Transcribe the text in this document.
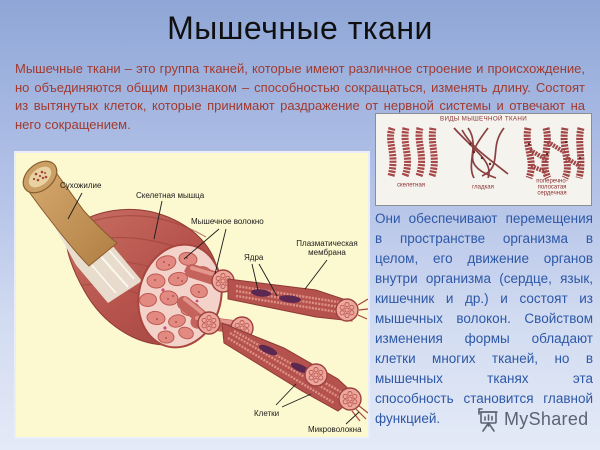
Мышечные ткани

Мышечные ткани – это группа тканей, которые имеют различное строение и происхождение, но объединяются общим признаком – способностью сокращаться, изменять длину. Состоят из вытянутых клеток, которые принимают раздражение от нервной системы и отвечают на него сокращением.

Сухожилие
Скелетная мышца
Мышечное волокно
Плазматическая мембрана
Ядра
Клетки
Микроволокна
ВИДЫ МЫШЕЧНОЙ ТКАНИ
скелетная	гладкая
поперечно-полосатая сердечная

Они обеспечивают перемещения в пространстве организма в целом, его движение органов внутри организма (сердце, язык, кишечник и др.) и состоят из мышечных волокон. Свойством изменения формы обладают клетки многих тканей, но в мышечных тканях эта способность становится главной функцией.	MyShared
